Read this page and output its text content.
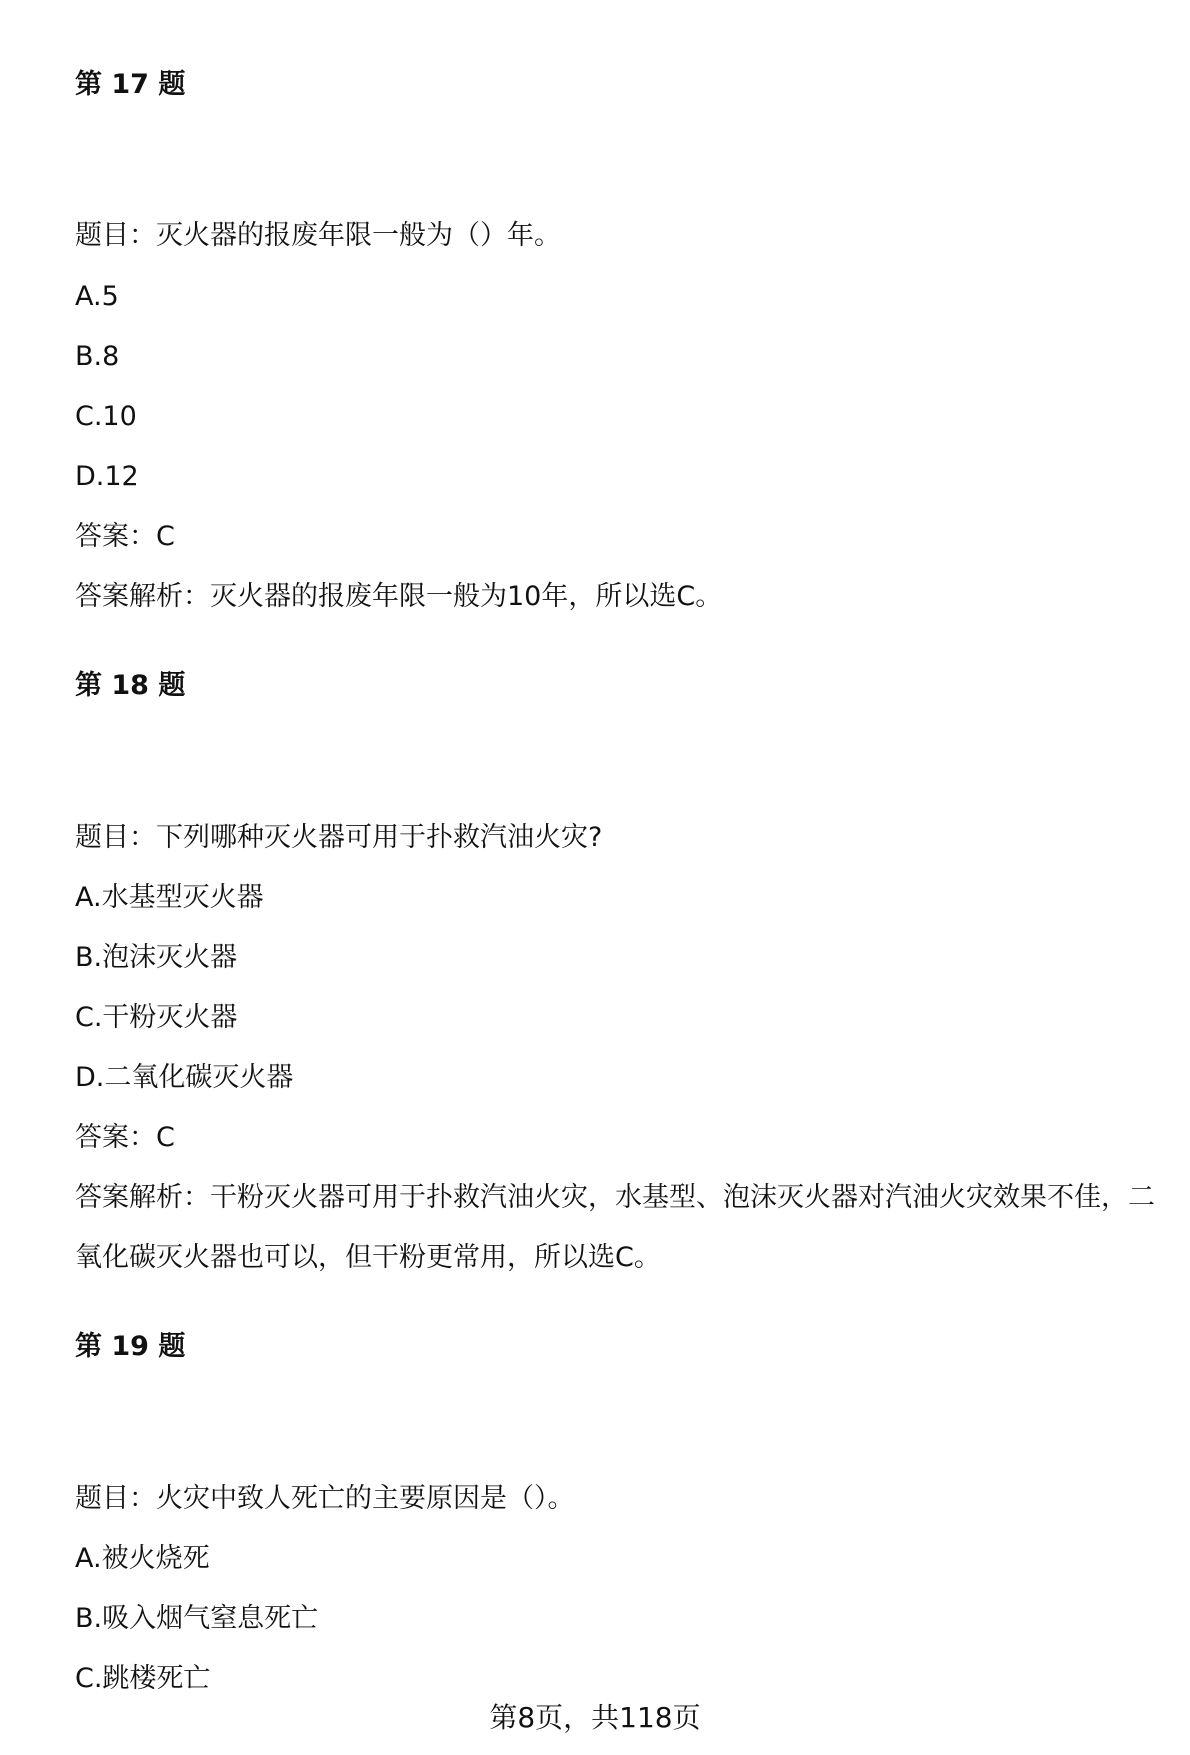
第 17 题
题目：灭火器的报废年限一般为（）年。
A.5
B.8
C.10
D.12
答案：C
答案解析：灭火器的报废年限一般为10年，所以选C。
第 18 题
题目：下列哪种灭火器可用于扑救汽油火灾?
A.水基型灭火器
B.泡沫灭火器
C.干粉灭火器
D.二氧化碳灭火器
答案：C
答案解析：干粉灭火器可用于扑救汽油火灾，水基型、泡沫灭火器对汽油火灾效果不佳，二氧化碳灭火器也可以，但干粉更常用，所以选C。
第 19 题
题目：火灾中致人死亡的主要原因是（）。
A.被火烧死
B.吸入烟气窒息死亡
C.跳楼死亡
第8页，共118页
